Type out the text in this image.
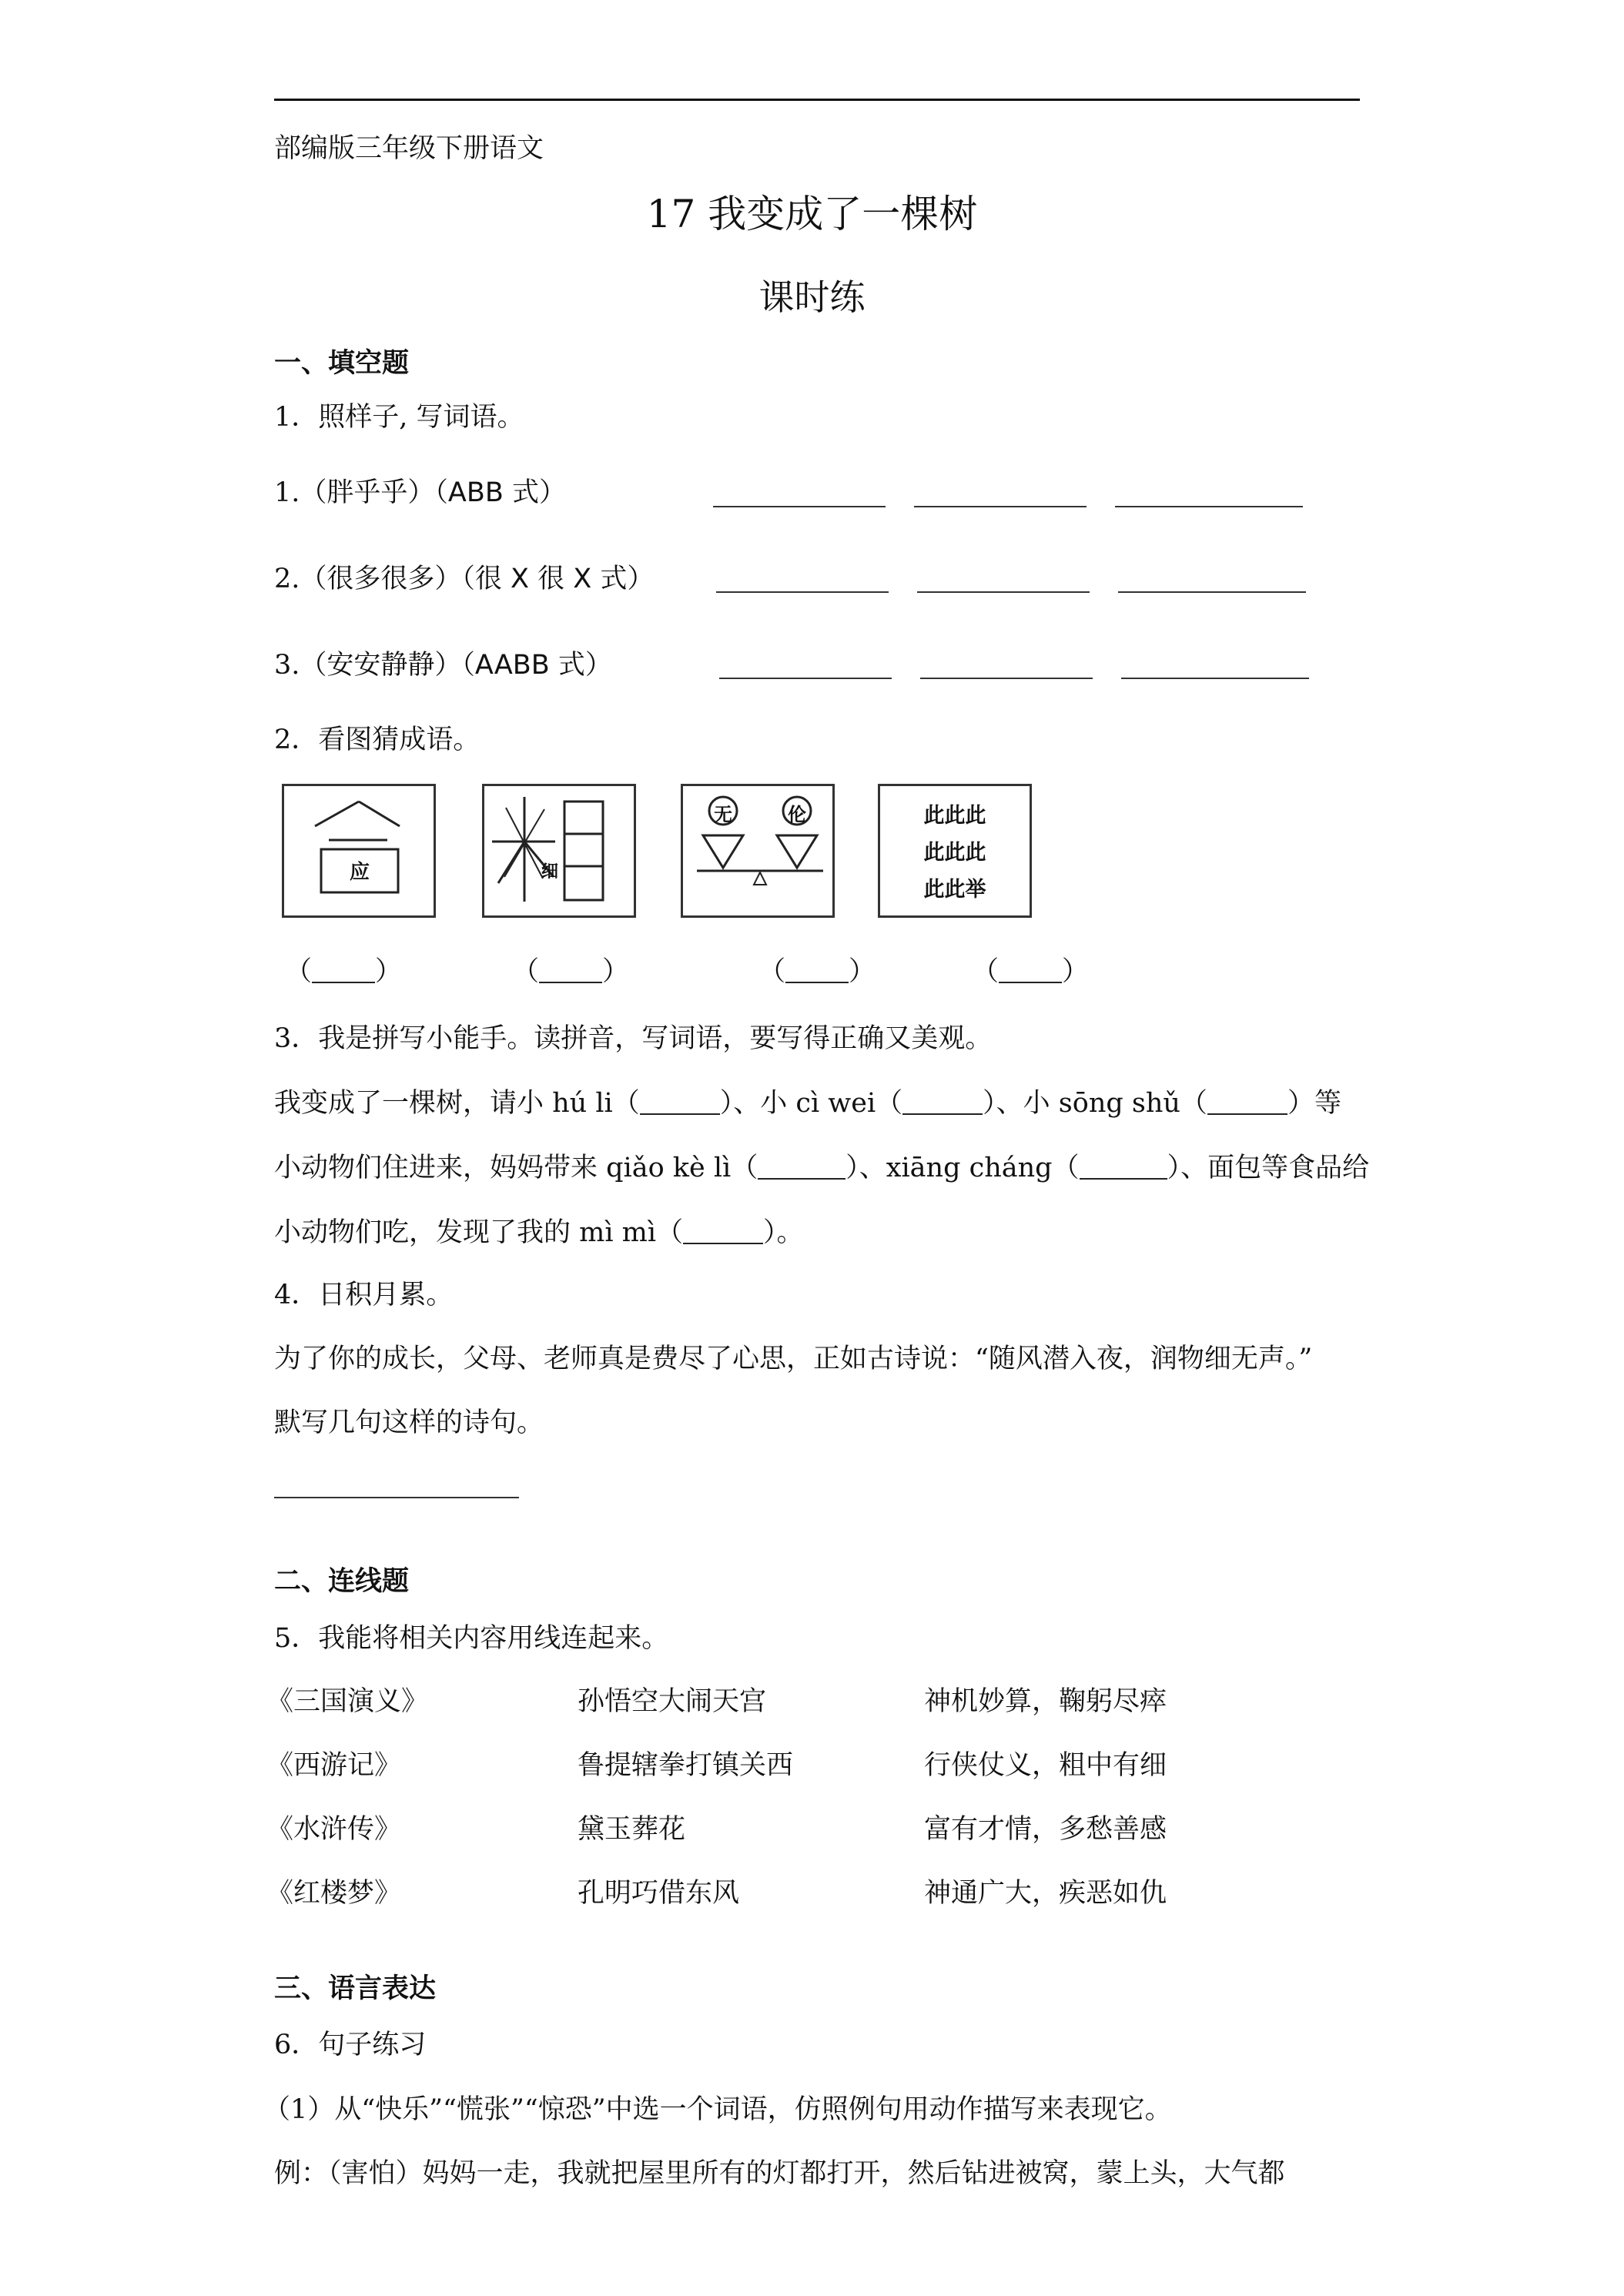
部编版三年级下册语文
17 我变成了一棵树
课时练
一、填空题
1．照样子, 写词语。
1.（胖乎乎）（ABB 式）
2.（很多很多）（很 X 很 X 式）
3.（安安静静）（AABB 式）
2．看图猜成语。
应	细
无	伦	此此此
此此此
此此举
（ ）	（ ）	（ ）	（ ）
3．我是拼写小能手。读拼音，写词语，要写得正确又美观。
我变成了一棵树，请小 hú li（	）、小 cì wei（	）、小 sōng shǔ（	）等
小动物们住进来，妈妈带来 qiǎo kè lì（	）、xiāng cháng（	）、面包等食品给
小动物们吃，发现了我的 mì mì（	）。
4．日积月累。
为了你的成长，父母、老师真是费尽了心思，正如古诗说：“随风潜入夜，润物细无声。”
默写几句这样的诗句。
二、连线题
5．我能将相关内容用线连起来。
《三国演义》	孙悟空大闹天宫	神机妙算，鞠躬尽瘁
《西游记》	鲁提辖拳打镇关西	行侠仗义，粗中有细
《水浒传》	黛玉葬花	富有才情，多愁善感
《红楼梦》	孔明巧借东风	神通广大，疾恶如仇
三、语言表达
6．句子练习
（1）从“快乐”“慌张”“惊恐”中选一个词语，仿照例句用动作描写来表现它。
例：（害怕）妈妈一走，我就把屋里所有的灯都打开，然后钻进被窝，蒙上头，大气都
